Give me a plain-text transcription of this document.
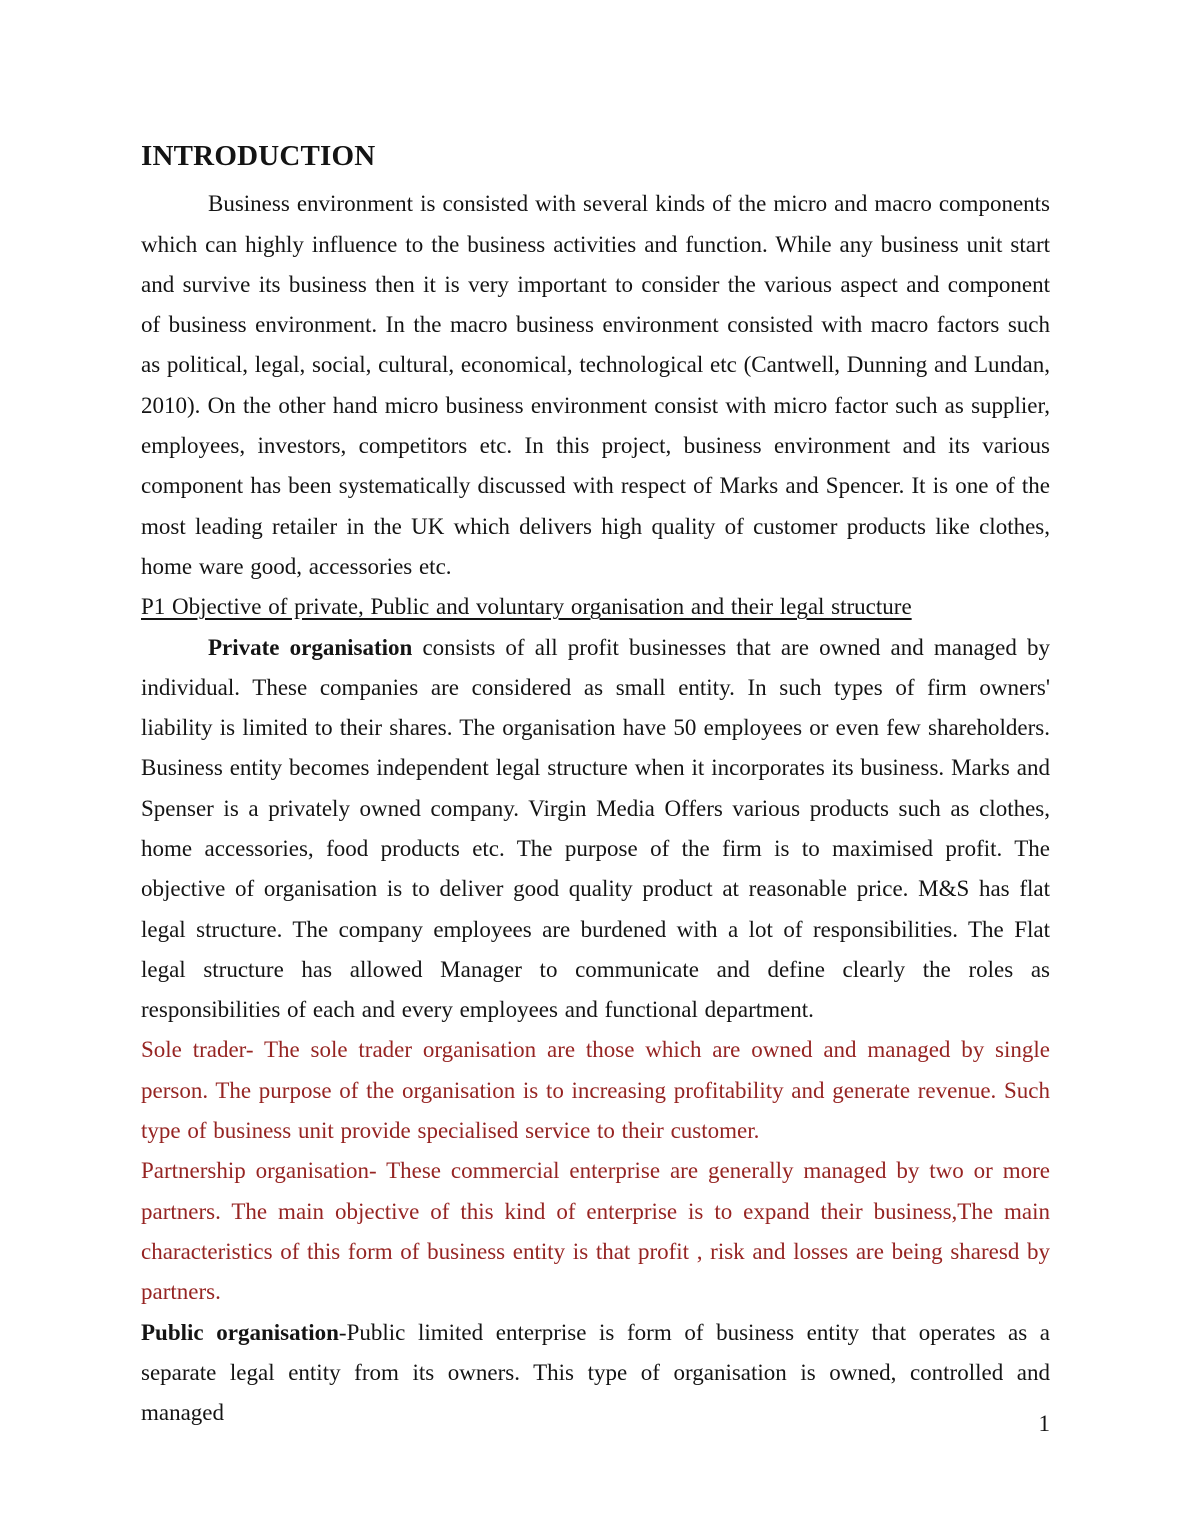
INTRODUCTION

Business environment is consisted with several kinds of the micro and macro components which can highly influence to the business activities and function. While any business unit start and survive its business then it is very important to consider the various aspect and component of business environment. In the macro business environment consisted with macro factors such as political, legal, social, cultural, economical, technological etc (Cantwell, Dunning and Lundan, 2010). On the other hand micro business environment consist with micro factor such as supplier, employees, investors, competitors etc. In this project, business environment and its various component has been systematically discussed with respect of Marks and Spencer. It is one of the most leading retailer in the UK which delivers high quality of customer products like clothes, home ware good, accessories etc.

P1 Objective of private, Public and voluntary organisation and their legal structure

Private organisation consists of all profit businesses that are owned and managed by individual. These companies are considered as small entity. In such types of firm owners' liability is limited to their shares. The organisation have 50 employees or even few shareholders. Business entity becomes independent legal structure when it incorporates its business. Marks and Spenser is a privately owned company. Virgin Media Offers various products such as clothes, home accessories, food products etc. The purpose of the firm is to maximised profit. The objective of organisation is to deliver good quality product at reasonable price. M&S has flat legal structure. The company employees are burdened with a lot of responsibilities. The Flat legal structure has allowed Manager to communicate and define clearly the roles as responsibilities of each and every employees and functional department.

Sole trader- The sole trader organisation are those which are owned and managed by single person. The purpose of the organisation is to increasing profitability and generate revenue. Such type of business unit provide specialised service to their customer.

Partnership organisation- These commercial enterprise are generally managed by two or more partners. The main objective of this kind of enterprise is to expand their business,The main characteristics of this form of business entity is that profit , risk and losses are being sharesd by partners.

Public organisation-Public limited enterprise is form of business entity that operates as a separate legal entity from its owners. This type of organisation is owned, controlled and managed	1
